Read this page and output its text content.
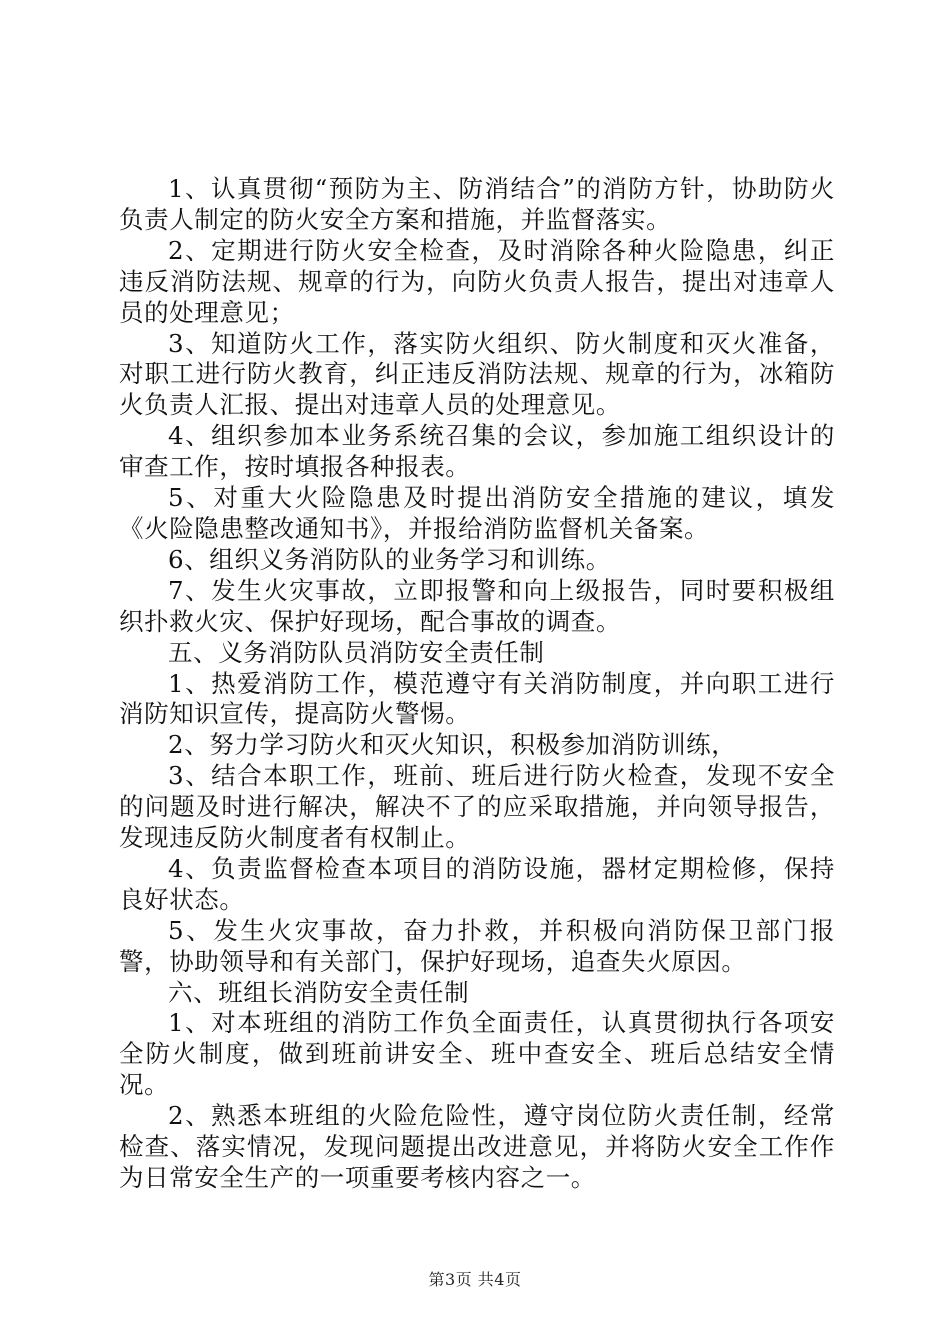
1、认真贯彻“预防为主、防消结合”的消防方针，协助防火负责人制定的防火安全方案和措施，并监督落实。

2、定期进行防火安全检查，及时消除各种火险隐患，纠正违反消防法规、规章的行为，向防火负责人报告，提出对违章人员的处理意见；

3、知道防火工作，落实防火组织、防火制度和灭火准备，对职工进行防火教育，纠正违反消防法规、规章的行为，冰箱防火负责人汇报、提出对违章人员的处理意见。

4、组织参加本业务系统召集的会议，参加施工组织设计的审查工作，按时填报各种报表。

5、对重大火险隐患及时提出消防安全措施的建议，填发《火险隐患整改通知书》，并报给消防监督机关备案。

6、组织义务消防队的业务学习和训练。

7、发生火灾事故，立即报警和向上级报告，同时要积极组织扑救火灾、保护好现场，配合事故的调查。

五、义务消防队员消防安全责任制

1、热爱消防工作，模范遵守有关消防制度，并向职工进行消防知识宣传，提高防火警惕。

2、努力学习防火和灭火知识，积极参加消防训练，

3、结合本职工作，班前、班后进行防火检查，发现不安全的问题及时进行解决，解决不了的应采取措施，并向领导报告，发现违反防火制度者有权制止。

4、负责监督检查本项目的消防设施，器材定期检修，保持良好状态。

5、发生火灾事故，奋力扑救，并积极向消防保卫部门报警，协助领导和有关部门，保护好现场，追查失火原因。

六、班组长消防安全责任制

1、对本班组的消防工作负全面责任，认真贯彻执行各项安全防火制度，做到班前讲安全、班中查安全、班后总结安全情况。

2、熟悉本班组的火险危险性，遵守岗位防火责任制，经常检查、落实情况，发现问题提出改进意见，并将防火安全工作作为日常安全生产的一项重要考核内容之一。

第3页 共4页
